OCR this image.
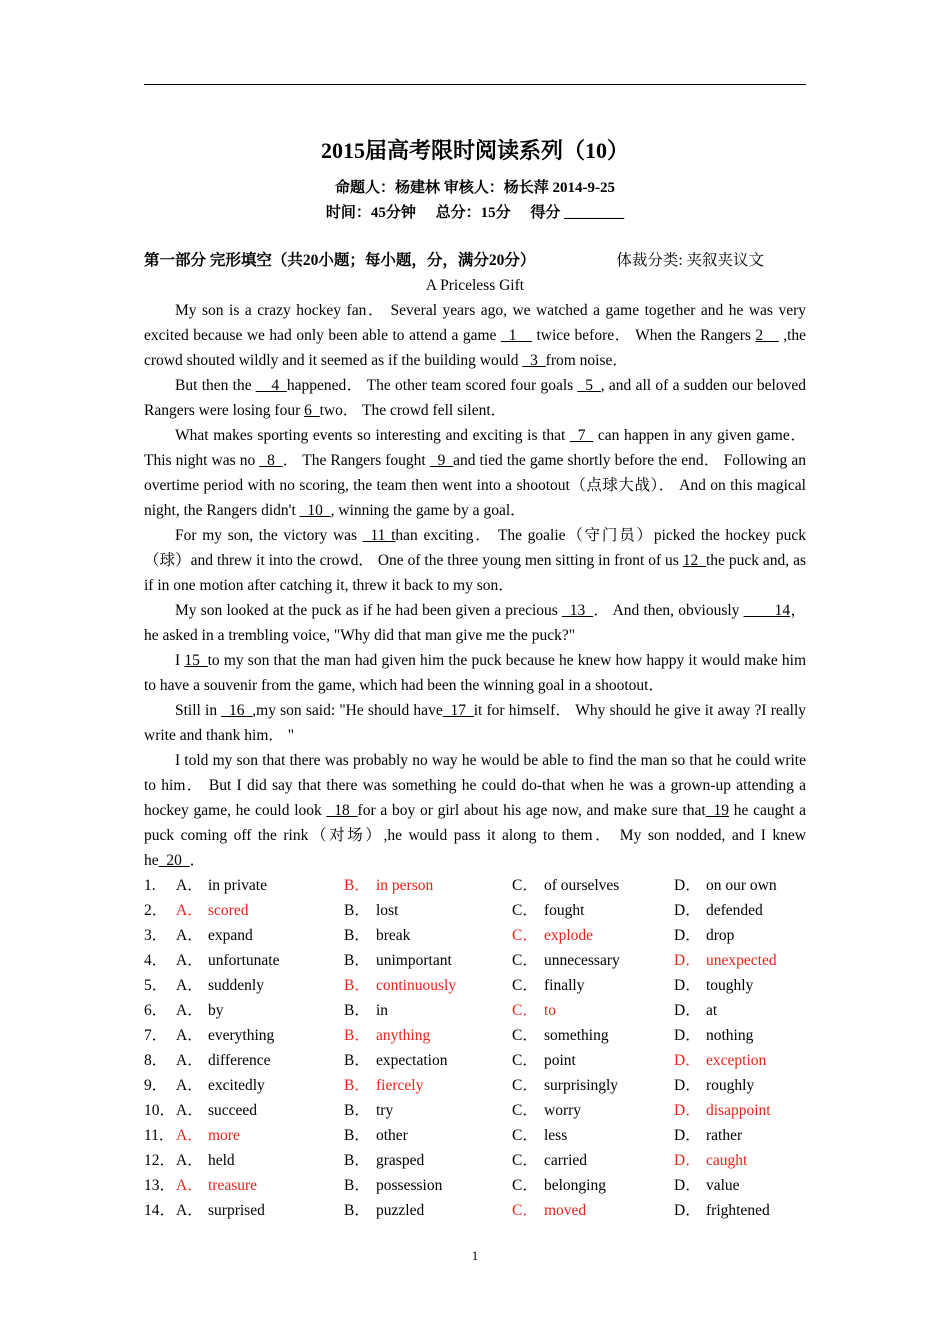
2015届高考限时阅读系列（10）
命题人：杨建林 审核人：杨长萍 2014-9-25
时间：45分钟 总分：15分 得分 ________
第一部分 完形填空（共20小题；每小题，分，满分20分）	体裁分类: 夹叙夹议文
A Priceless Gift

My son is a crazy hockey fan． Several years ago, we watched a game together and he was very excited because we had only been able to attend a game _1__ twice before． When the Rangers 2__ ,the crowd shouted wildly and it seemed as if the building would _3_from noise．

But then the __4_happened． The other team scored four goals _5_, and all of a sudden our beloved Rangers were losing four 6_two． The crowd fell silent．

What makes sporting events so interesting and exciting is that _7_ can happen in any given game． This night was no _8_． The Rangers fought _9_and tied the game shortly before the end． Following an overtime period with no scoring, the team then went into a shootout（点球大战）． And on this magical night, the Rangers didn't _10_, winning the game by a goal．

For my son, the victory was _11 than exciting． The goalie（守门员）picked the hockey puck（球）and threw it into the crowd． One of the three young men sitting in front of us 12_the puck and, as if in one motion after catching it, threw it back to my son．

My son looked at the puck as if he had been given a precious _13_． And then, obviously ____14，he asked in a trembling voice, "Why did that man give me the puck?"

I 15_to my son that the man had given him the puck because he knew how happy it would make him to have a souvenir from the game, which had been the winning goal in a shootout．

Still in _16_,my son said: "He should have_17_it for himself． Why should he give it away ?I really write and thank him． "

I told my son that there was probably no way he would be able to find the man so that he could write to him． But I did say that there was something he could do-that when he was a grown-up attending a hockey game, he could look _18_for a boy or girl about his age now, and make sure that_19 he caught a puck coming off the rink（对场）,he would pass it along to them． My son nodded, and I knew he_20_．

1.	A． in private	B． in person	C． of ourselves	D． on our own
2． A． scored	B． lost	C． fought	D． defended
3． A． expand	B． break	C． explode	D． drop
4． A． unfortunate	B． unimportant	C． unnecessary	D． unexpected
5． A． suddenly	B． continuously	C． finally	D． toughly
6． A． by	B． in	C． to	D． at
7． A． everything	B． anything	C． something	D． nothing
8． A． difference	B． expectation	C． point	D． exception
9． A． excitedly	B． fiercely	C． surprisingly	D． roughly
10． A． succeed	B． try	C． worry	D． disappoint
11． A． more	B． other	C． less	D． rather
12． A． held	B． grasped	C． carried	D． caught
13． A． treasure	B． possession	C． belonging	D． value
14． A． surprised	B． puzzled	C． moved	D． frightened
1
